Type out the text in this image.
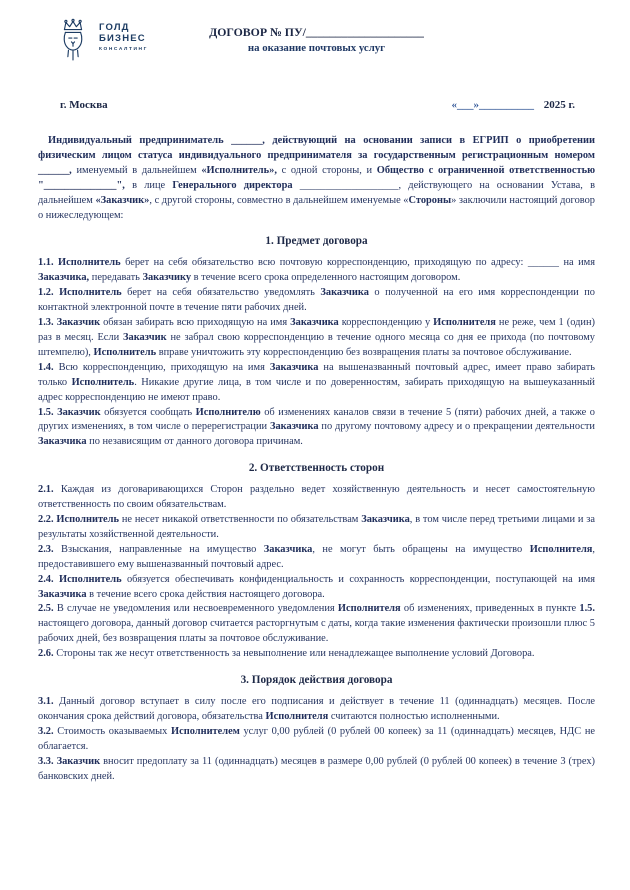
ГОЛД
БИЗНЕС
КОНСАЛТИНГ
ДОГОВОР № ПУ/____________________
на оказание почтовых услуг
г. Москва	«___»__________ 2025 г.

Индивидуальный предприниматель ______, действующий на основании записи в ЕГРИП о приобретении физическим лицом статуса индивидуального предпринимателя за государственным регистрационным номером ______, именуемый в дальнейшем «Исполнитель», с одной стороны, и Общество с ограниченной ответственностью "______________", в лице Генерального директора ___________________, действующего на основании Устава, в дальнейшем «Заказчик», с другой стороны, совместно в дальнейшем именуемые «Стороны» заключили настоящий договор о нижеследующем:

1. Предмет договора

1.1. Исполнитель берет на себя обязательство всю почтовую корреспонденцию, приходящую по адресу: ______ на имя Заказчика, передавать Заказчику в течение всего срока определенного настоящим договором.

1.2. Исполнитель берет на себя обязательство уведомлять Заказчика о полученной на его имя корреспонденции по контактной электронной почте в течение пяти рабочих дней.

1.3. Заказчик обязан забирать всю приходящую на имя Заказчика корреспонденцию у Исполнителя не реже, чем 1 (один) раз в месяц. Если Заказчик не забрал свою корреспонденцию в течение одного месяца со дня ее прихода (по почтовому штемпелю), Исполнитель вправе уничтожить эту корреспонденцию без возвращения платы за почтовое обслуживание.

1.4. Всю корреспонденцию, приходящую на имя Заказчика на вышеназванный почтовый адрес, имеет право забирать только Исполнитель. Никакие другие лица, в том числе и по доверенностям, забирать приходящую на вышеуказанный адрес корреспонденцию не имеют право.

1.5. Заказчик обязуется сообщать Исполнителю об изменениях каналов связи в течение 5 (пяти) рабочих дней, а также о других изменениях, в том числе о перерегистрации Заказчика по другому почтовому адресу и о прекращении деятельности Заказчика по независящим от данного договора причинам.

2. Ответственность сторон

2.1. Каждая из договаривающихся Сторон раздельно ведет хозяйственную деятельность и несет самостоятельную ответственность по своим обязательствам.

2.2. Исполнитель не несет никакой ответственности по обязательствам Заказчика, в том числе перед третьими лицами и за результаты хозяйственной деятельности.

2.3. Взыскания, направленные на имущество Заказчика, не могут быть обращены на имущество Исполнителя, предоставившего ему вышеназванный почтовый адрес.

2.4. Исполнитель обязуется обеспечивать конфиденциальность и сохранность корреспонденции, поступающей на имя Заказчика в течение всего срока действия настоящего договора.

2.5. В случае не уведомления или несвоевременного уведомления Исполнителя об изменениях, приведенных в пункте 1.5. настоящего договора, данный договор считается расторгнутым с даты, когда такие изменения фактически произошли плюс 5 рабочих дней, без возвращения платы за почтовое обслуживание.

2.6. Стороны так же несут ответственность за невыполнение или ненадлежащее выполнение условий Договора.

3. Порядок действия договора

3.1. Данный договор вступает в силу после его подписания и действует в течение 11 (одиннадцать) месяцев. После окончания срока действий договора, обязательства Исполнителя считаются полностью исполненными.

3.2. Стоимость оказываемых Исполнителем услуг 0,00 рублей (0 рублей 00 копеек) за 11 (одиннадцать) месяцев, НДС не облагается.

3.3. Заказчик вносит предоплату за 11 (одиннадцать) месяцев в размере 0,00 рублей (0 рублей 00 копеек) в течение 3 (трех) банковских дней.
